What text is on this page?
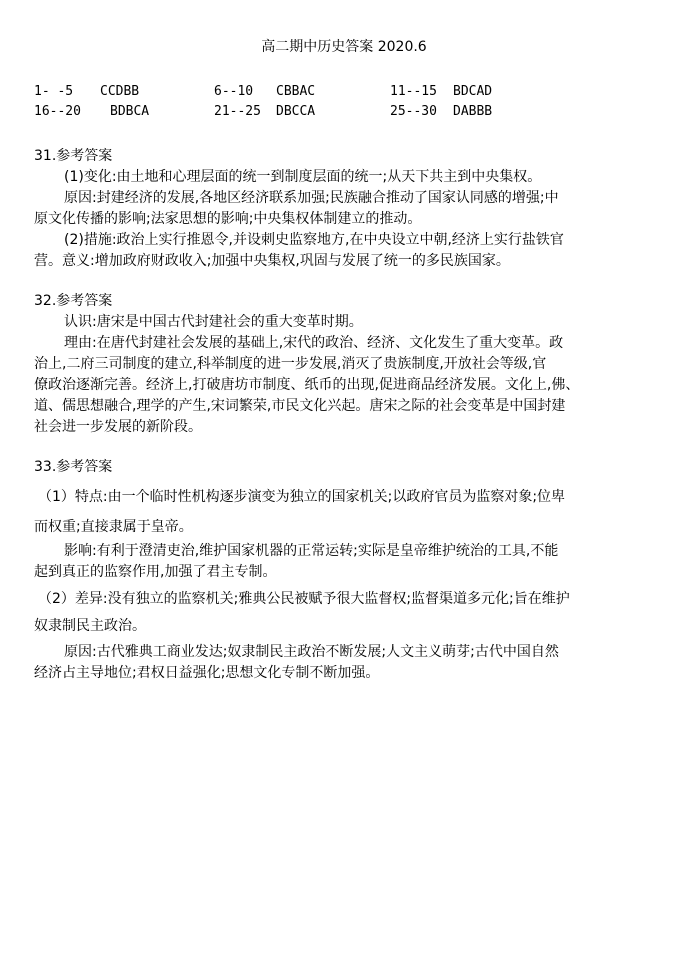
高二期中历史答案 2020.6
1- -5 CCDBB	6--10 CBBAC	11--15 BDCAD
16--20 BDBCA	21--25 DBCCA	25--30 DABBB
31.参考答案
(1)变化:由土地和心理层面的统一到制度层面的统一;从天下共主到中央集权。
原因:封建经济的发展,各地区经济联系加强;民族融合推动了国家认同感的增强;中
原文化传播的影响;法家思想的影响;中央集权体制建立的推动。
(2)措施:政治上实行推恩令,并设刺史监察地方,在中央设立中朝,经济上实行盐铁官
营。意义:增加政府财政收入;加强中央集权,巩固与发展了统一的多民族国家。
32.参考答案
认识:唐宋是中国古代封建社会的重大变革时期。
理由:在唐代封建社会发展的基础上,宋代的政治、经济、文化发生了重大变革。政
治上,二府三司制度的建立,科举制度的进一步发展,消灭了贵族制度,开放社会等级,官
僚政治逐渐完善。经济上,打破唐坊市制度、纸币的出现,促进商品经济发展。文化上,佛、
道、儒思想融合,理学的产生,宋词繁荣,市民文化兴起。唐宋之际的社会变革是中国封建
社会进一步发展的新阶段。
33.参考答案
（1）特点:由一个临时性机构逐步演变为独立的国家机关;以政府官员为监察对象;位卑
而权重;直接隶属于皇帝。
影响:有利于澄清吏治,维护国家机器的正常运转;实际是皇帝维护统治的工具,不能
起到真正的监察作用,加强了君主专制。
（2）差异:没有独立的监察机关;雅典公民被赋予很大监督权;监督渠道多元化;旨在维护
奴隶制民主政治。
原因:古代雅典工商业发达;奴隶制民主政治不断发展;人文主义萌芽;古代中国自然
经济占主导地位;君权日益强化;思想文化专制不断加强。
